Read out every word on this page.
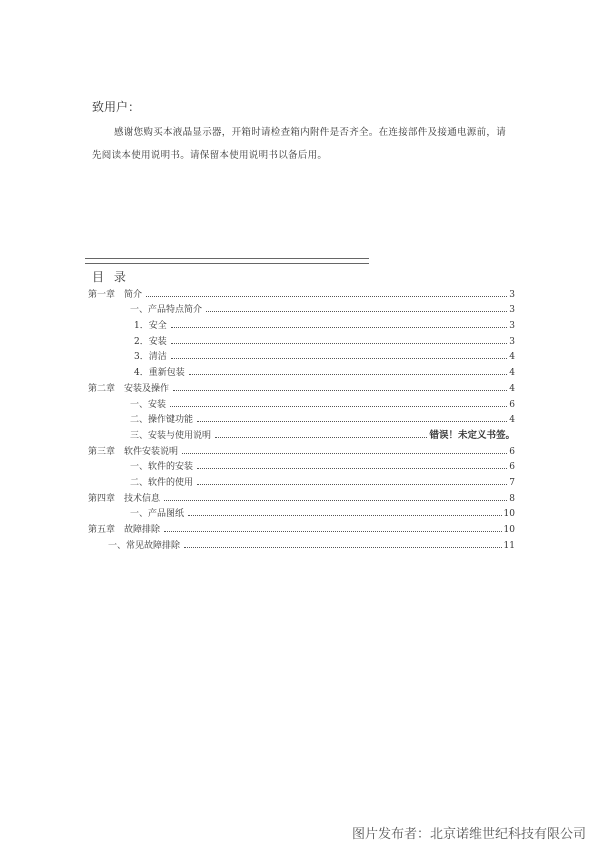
致用户：
感谢您购买本液晶显示器，开箱时请检查箱内附件是否齐全。在连接部件及接通电源前，请先阅读本使用说明书。请保留本使用说明书以备后用。
目 录
第一章　简介	3
一、产品特点简介	3
1．安全	3
2．安装	3
3．清洁	4
4．重新包装	4
第二章　安装及操作	4
一、安装	6
二、操作键功能	4
三、安装与使用说明	错误！未定义书签。
第三章　软件安装说明	6
一、软件的安装	6
二、软件的使用	7
第四章　技术信息	8
一、产品图纸	10
第五章　故障排除	10
一、常见故障排除	11
图片发布者：北京诺维世纪科技有限公司
